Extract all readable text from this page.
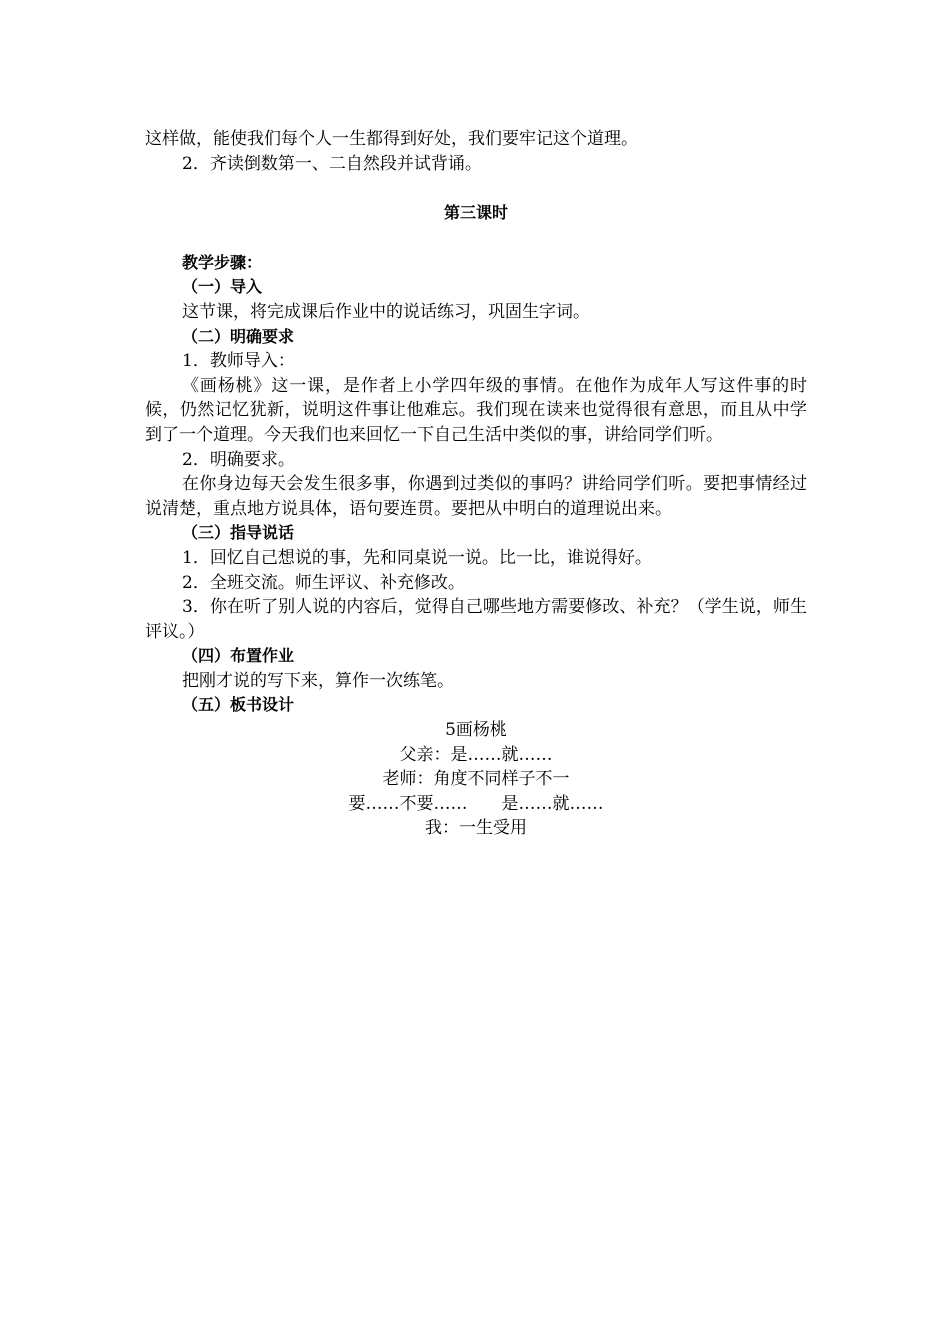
这样做，能使我们每个人一生都得到好处，我们要牢记这个道理。

2．齐读倒数第一、二自然段并试背诵。

第三课时

教学步骤：

（一）导入

这节课，将完成课后作业中的说话练习，巩固生字词。

（二）明确要求

1．教师导入：

《画杨桃》这一课，是作者上小学四年级的事情。在他作为成年人写这件事的时候，仍然记忆犹新，说明这件事让他难忘。我们现在读来也觉得很有意思，而且从中学到了一个道理。今天我们也来回忆一下自己生活中类似的事，讲给同学们听。

2．明确要求。

在你身边每天会发生很多事，你遇到过类似的事吗？讲给同学们听。要把事情经过说清楚，重点地方说具体，语句要连贯。要把从中明白的道理说出来。

（三）指导说话

1．回忆自己想说的事，先和同桌说一说。比一比，谁说得好。

2．全班交流。师生评议、补充修改。

3．你在听了别人说的内容后，觉得自己哪些地方需要修改、补充？（学生说，师生评议。）

（四）布置作业

把刚才说的写下来，算作一次练笔。

（五）板书设计

5画杨桃

父亲：是……就……

老师：角度不同样子不一

要……不要…… 是……就……

我：一生受用
